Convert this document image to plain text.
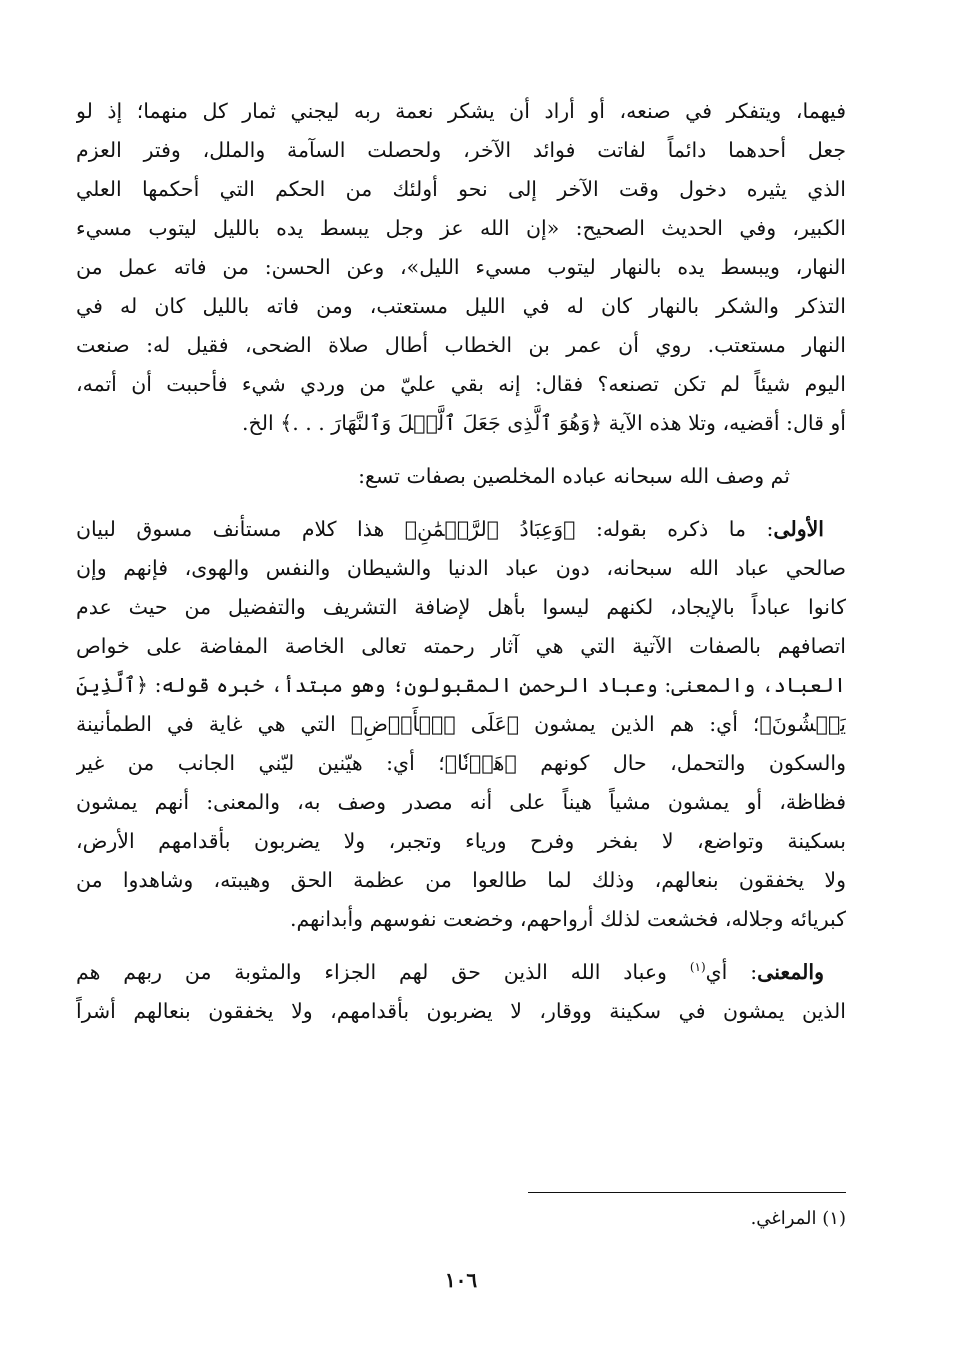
فيهما، ويتفكر في صنعه، أو أراد أن يشكر نعمة ربه ليجني ثمار كل منهما؛ إذ لو
جعل أحدهما دائماً لفاتت فوائد الآخر، ولحصلت السآمة والملل، وفتر العزم
الذي يثيره دخول وقت الآخر إلى نحو أولئك من الحكم التي أحكمها العلي
الكبير، وفي الحديث الصحيح: «إن الله عز وجل يبسط يده بالليل ليتوب مسيء
النهار، ويبسط يده بالنهار ليتوب مسيء الليل»، وعن الحسن: من فاته عمل من
التذكر والشكر بالنهار كان له في الليل مستعتب، ومن فاته بالليل كان له في
النهار مستعتب. روي أن عمر بن الخطاب أطال صلاة الضحى، فقيل له: صنعت
اليوم شيئاً لم تكن تصنعه؟ فقال: إنه بقي عليّ من وردي شيء فأحببت أن أتمه،
أو قال: أقضيه، وتلا هذه الآية ﴿وَهُوَ ٱلَّذِى جَعَلَ ٱلَّيۡلَ وَٱلنَّهَارَ . . .﴾ الخ.
ثم وصف الله سبحانه عباده المخلصين بصفات تسع:
الأولى: ما ذكره بقوله: ﴿وَعِبَادُ ٱلرَّحۡمَٰنِ﴾ هذا كلام مستأنف مسوق لبيان
صالحي عباد الله سبحانه، دون عباد الدنيا والشيطان والنفس والهوى، فإنهم وإن
كانوا عباداً بالإيجاد، لكنهم ليسوا بأهل لإضافة التشريف والتفضيل من حيث عدم
اتصافهم بالصفات الآتية التي هي آثار رحمته تعالى الخاصة المفاضة على خواص
العباد، والمعنى: وعباد الرحمن المقبولون؛ وهو مبتدأ، خبره قوله: ﴿ٱلَّذِينَ
يَمۡشُونَ﴾؛ أي: هم الذين يمشون ﴿عَلَى ٱلۡأَرۡضِ﴾ التي هي غاية في الطمأنينة
والسكون والتحمل، حال كونهم ﴿هَوۡنٗا﴾؛ أي: هيّنين ليّني الجانب من غير
فظاظة، أو يمشون مشياً هيناً على أنه مصدر وصف به، والمعنى: أنهم يمشون
بسكينة وتواضع، لا بفخر وفرح ورياء وتجبر، ولا يضربون بأقدامهم الأرض،
ولا يخفقون بنعالهم، وذلك لما طالعوا من عظمة الحق وهيبته، وشاهدوا من
كبريائه وجلاله، فخشعت لذلك أرواحهم، وخضعت نفوسهم وأبدانهم.
والمعنى: أي$^{(١)}$ وعباد الله الذين حق لهم الجزاء والمثوبة من ربهم هم
الذين يمشون في سكينة ووقار، لا يضربون بأقدامهم، ولا يخفقون بنعالهم أشراً
(١) المراغي.
١٠٦
